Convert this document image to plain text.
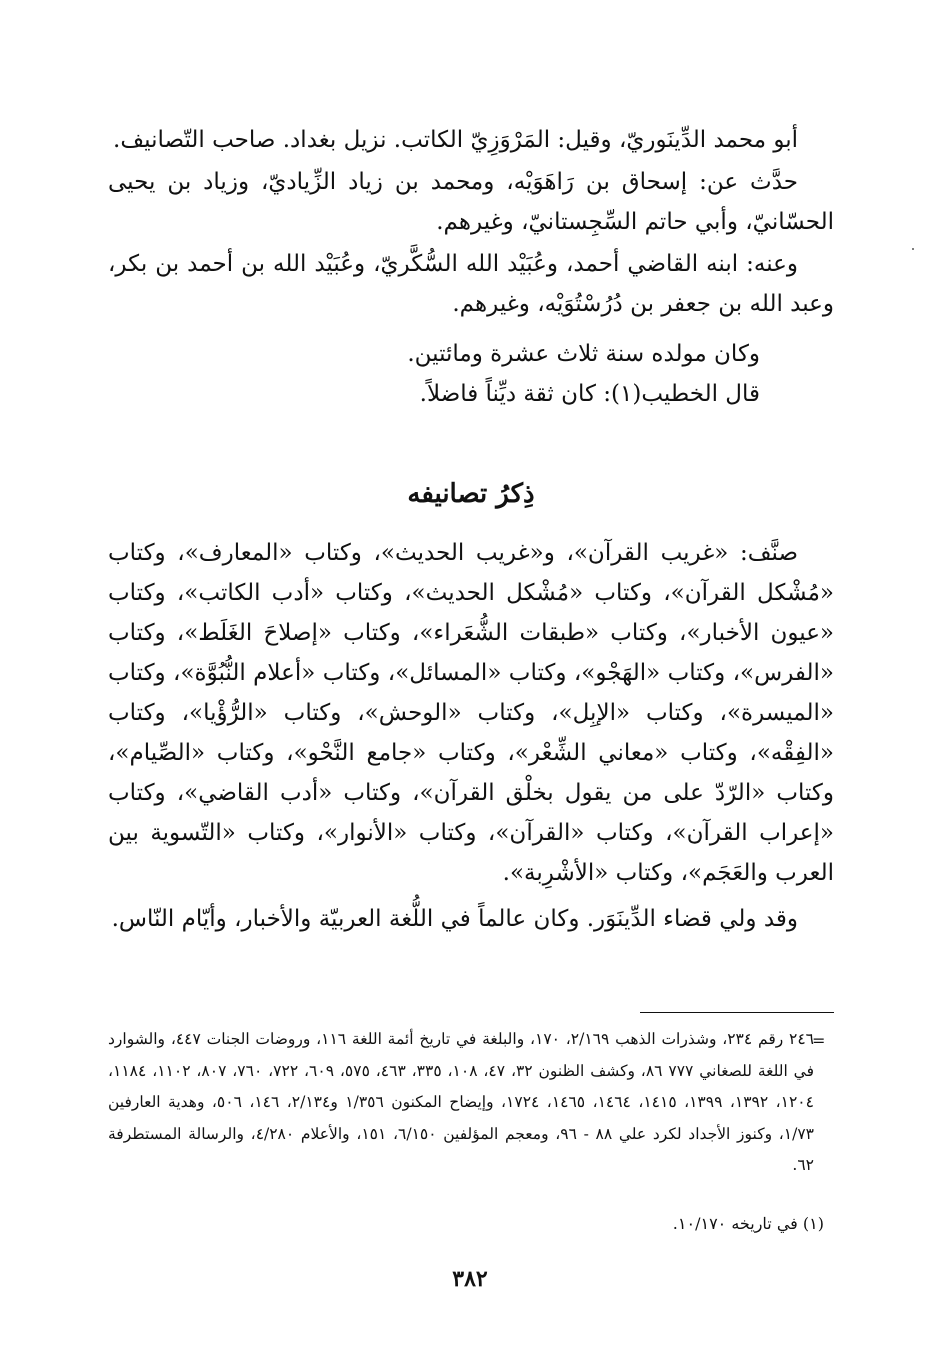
أبو محمد الدِّينَوريّ، وقيل: المَرْوَزِيّ الكاتب. نزيل بغداد. صاحب التّصانيف.

حدَّث عن: إسحاق بن رَاهَوَيْه، ومحمد بن زياد الزِّياديّ، وزياد بن يحيى الحسّانيّ، وأبي حاتم السِّجِستانيّ، وغيرهم.

وعنه: ابنه القاضي أحمد، وعُبَيْد الله السُّكَّريّ، وعُبَيْد الله بن أحمد بن بكر، وعبد الله بن جعفر بن دُرُسْتُوَيْه، وغيرهم.

وكان مولده سنة ثلاث عشرة ومائتين.

قال الخطيب(١): كان ثقة ديِّناً فاضلاً.

ذِكرُ تصانيفه

صنَّف: «غريب القرآن»، و«غريب الحديث»، وكتاب «المعارف»، وكتاب «مُشْكل القرآن»، وكتاب «مُشْكل الحديث»، وكتاب «أدب الكاتب»، وكتاب «عيون الأخبار»، وكتاب «طبقات الشُّعَراء»، وكتاب «إصلاحَ الغَلَط»، وكتاب «الفرس»، وكتاب «الهَجْو»، وكتاب «المسائل»، وكتاب «أعلام النُّبُوَّة»، وكتاب «الميسرة»، وكتاب «الإبِل»، وكتاب «الوحش»، وكتاب «الرُّؤْيا»، وكتاب «الفِقْه»، وكتاب «معاني الشِّعْر»، وكتاب «جامع النَّحْو»، وكتاب «الصِّيام»، وكتاب «الرّدّ على من يقول بخلْق القرآن»، وكتاب «أدب القاضي»، وكتاب «إعراب القرآن»، وكتاب «القرآن»، وكتاب «الأنوار»، وكتاب «التّسوية بين العرب والعَجَم»، وكتاب «الأشْرِبة».

وقد ولي قضاء الدِّينَوَر. وكان عالماً في اللُّغة العربيّة والأخبار، وأيّام النّاس.

=
٢٤٦ رقم ٢٣٤، وشذرات الذهب ٢/١٦٩، ١٧٠، والبلغة في تاريخ أئمة اللغة ١١٦، وروضات الجنات ٤٤٧، والشوارد في اللغة للصغاني ٧٧٧ ٨٦، وكشف الظنون ٣٢، ٤٧، ١٠٨، ٣٣٥، ٤٦٣، ٥٧٥، ٦٠٩، ٧٢٢، ٧٦٠، ٨٠٧، ١١٠٢، ١١٨٤، ١٢٠٤، ١٣٩٢، ١٣٩٩، ١٤١٥، ١٤٦٤، ١٤٦٥، ١٧٢٤، وإيضاح المكنون ١/٣٥٦ و٢/١٣٤، ١٤٦، ٥٠٦، وهدية العارفين ١/٧٣، وكنوز الأجداد لكرد علي ٨٨ - ٩٦، ومعجم المؤلفين ٦/١٥٠، ١٥١، والأعلام ٤/٢٨٠، والرسالة المستطرفة ٦٢.
(١) في تاريخه ١٠/١٧٠.
٣٨٢
